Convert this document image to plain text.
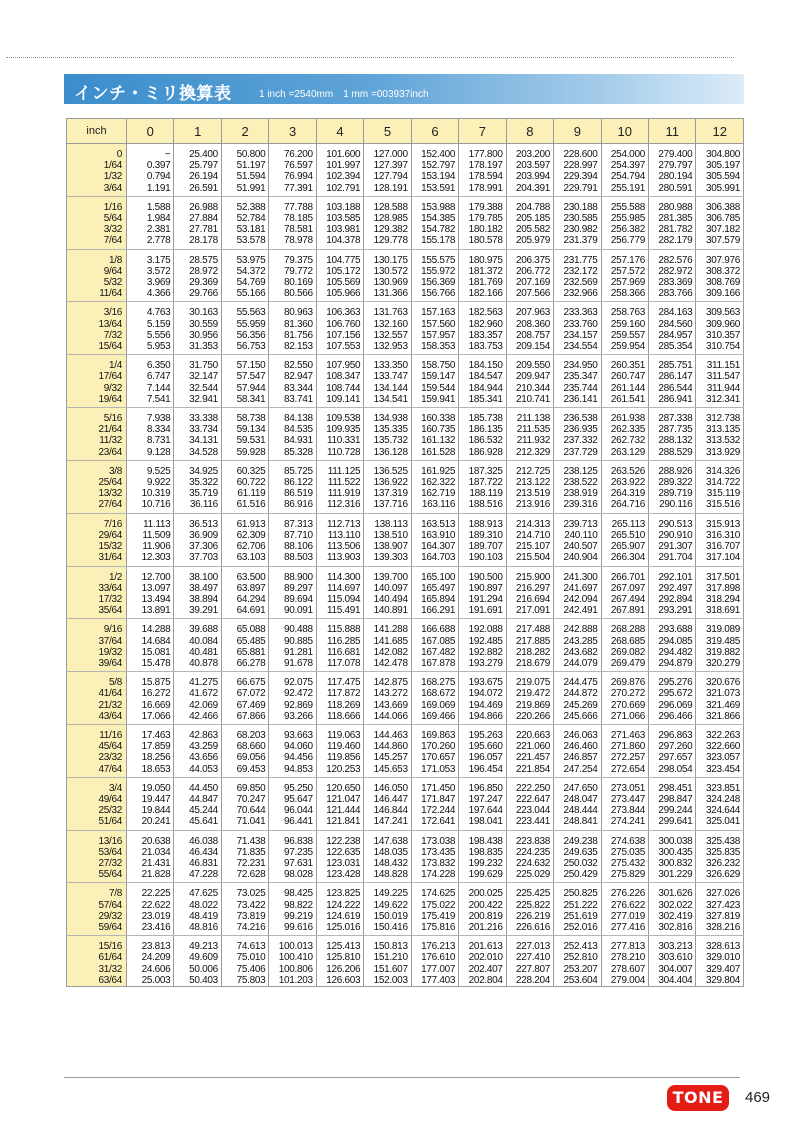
インチ・ミリ換算表	1 inch =2540mm　1 mm =003937inch
inch	0	1	2	3	4	5	6	7	8	9	10	11	12
0	−	25.400	50.800	76.200	101.600	127.000	152.400	177.800	203.200	228.600	254.000	279.400	304.800
1/64	0.397	25.797	51.197	76.597	101.997	127.397	152.797	178.197	203.597	228.997	254.397	279.797	305.197
1/32	0.794	26.194	51.594	76.994	102.394	127.794	153.194	178.594	203.994	229.394	254.794	280.194	305.594
3/64	1.191	26.591	51.991	77.391	102.791	128.191	153.591	178.991	204.391	229.791	255.191	280.591	305.991
1/16	1.588	26.988	52.388	77.788	103.188	128.588	153.988	179.388	204.788	230.188	255.588	280.988	306.388
5/64	1.984	27.884	52.784	78.185	103.585	128.985	154.385	179.785	205.185	230.585	255.985	281.385	306.785
3/32	2.381	27.781	53.181	78.581	103.981	129.382	154.782	180.182	205.582	230.982	256.382	281.782	307.182
7/64	2.778	28.178	53.578	78.978	104.378	129.778	155.178	180.578	205.979	231.379	256.779	282.179	307.579
1/8	3.175	28.575	53.975	79.375	104.775	130.175	155.575	180.975	206.375	231.775	257.176	282.576	307.976
9/64	3.572	28.972	54.372	79.772	105.172	130.572	155.972	181.372	206.772	232.172	257.572	282.972	308.372
5/32	3.969	29.369	54.769	80.169	105.569	130.969	156.369	181.769	207.169	232.569	257.969	283.369	308.769
11/64	4.366	29.766	55.166	80.566	105.966	131.366	156.766	182.166	207.566	232.966	258.366	283.766	309.166
3/16	4.763	30.163	55.563	80.963	106.363	131.763	157.163	182.563	207.963	233.363	258.763	284.163	309.563
13/64	5.159	30.559	55.959	81.360	106.760	132.160	157.560	182.960	208.360	233.760	259.160	284.560	309.960
7/32	5.556	30.956	56.356	81.756	107.156	132.557	157.957	183.357	208.757	234.157	259.557	284.957	310.357
15/64	5.953	31.353	56.753	82.153	107.553	132.953	158.353	183.753	209.154	234.554	259.954	285.354	310.754
1/4	6.350	31.750	57.150	82.550	107.950	133.350	158.750	184.150	209.550	234.950	260.351	285.751	311.151
17/64	6.747	32.147	57.547	82.947	108.347	133.747	159.147	184.547	209.947	235.347	260.747	286.147	311.547
9/32	7.144	32.544	57.944	83.344	108.744	134.144	159.544	184.944	210.344	235.744	261.144	286.544	311.944
19/64	7.541	32.941	58.341	83.741	109.141	134.541	159.941	185.341	210.741	236.141	261.541	286.941	312.341
5/16	7.938	33.338	58.738	84.138	109.538	134.938	160.338	185.738	211.138	236.538	261.938	287.338	312.738
21/64	8.334	33.734	59.134	84.535	109.935	135.335	160.735	186.135	211.535	236.935	262.335	287.735	313.135
11/32	8.731	34.131	59.531	84.931	110.331	135.732	161.132	186.532	211.932	237.332	262.732	288.132	313.532
23/64	9.128	34.528	59.928	85.328	110.728	136.128	161.528	186.928	212.329	237.729	263.129	288.529	313.929
3/8	9.525	34.925	60.325	85.725	111.125	136.525	161.925	187.325	212.725	238.125	263.526	288.926	314.326
25/64	9.922	35.322	60.722	86.122	111.522	136.922	162.322	187.722	213.122	238.522	263.922	289.322	314.722
13/32	10.319	35.719	61.119	86.519	111.919	137.319	162.719	188.119	213.519	238.919	264.319	289.719	315.119
27/64	10.716	36.116	61.516	86.916	112.316	137.716	163.116	188.516	213.916	239.316	264.716	290.116	315.516
7/16	11.113	36.513	61.913	87.313	112.713	138.113	163.513	188.913	214.313	239.713	265.113	290.513	315.913
29/64	11.509	36.909	62.309	87.710	113.110	138.510	163.910	189.310	214.710	240.110	265.510	290.910	316.310
15/32	11.906	37.306	62.706	88.106	113.506	138.907	164.307	189.707	215.107	240.507	265.907	291.307	316.707
31/64	12.303	37.703	63.103	88.503	113.903	139.303	164.703	190.103	215.504	240.904	266.304	291.704	317.104
1/2	12.700	38.100	63.500	88.900	114.300	139.700	165.100	190.500	215.900	241.300	266.701	292.101	317.501
33/64	13.097	38.497	63.897	89.297	114.697	140.097	165.497	190.897	216.297	241.697	267.097	292.497	317.898
17/32	13.494	38.894	64.294	89.694	115.094	140.494	165.894	191.294	216.694	242.094	267.494	292.894	318.294
35/64	13.891	39.291	64.691	90.091	115.491	140.891	166.291	191.691	217.091	242.491	267.891	293.291	318.691
9/16	14.288	39.688	65.088	90.488	115.888	141.288	166.688	192.088	217.488	242.888	268.288	293.688	319.089
37/64	14.684	40.084	65.485	90.885	116.285	141.685	167.085	192.485	217.885	243.285	268.685	294.085	319.485
19/32	15.081	40.481	65.881	91.281	116.681	142.082	167.482	192.882	218.282	243.682	269.082	294.482	319.882
39/64	15.478	40.878	66.278	91.678	117.078	142.478	167.878	193.279	218.679	244.079	269.479	294.879	320.279
5/8	15.875	41.275	66.675	92.075	117.475	142.875	168.275	193.675	219.075	244.475	269.876	295.276	320.676
41/64	16.272	41.672	67.072	92.472	117.872	143.272	168.672	194.072	219.472	244.872	270.272	295.672	321.073
21/32	16.669	42.069	67.469	92.869	118.269	143.669	169.069	194.469	219.869	245.269	270.669	296.069	321.469
43/64	17.066	42.466	67.866	93.266	118.666	144.066	169.466	194.866	220.266	245.666	271.066	296.466	321.866
11/16	17.463	42.863	68.203	93.663	119.063	144.463	169.863	195.263	220.663	246.063	271.463	296.863	322.263
45/64	17.859	43.259	68.660	94.060	119.460	144.860	170.260	195.660	221.060	246.460	271.860	297.260	322.660
23/32	18.256	43.656	69.056	94.456	119.856	145.257	170.657	196.057	221.457	246.857	272.257	297.657	323.057
47/64	18.653	44.053	69.453	94.853	120.253	145.653	171.053	196.454	221.854	247.254	272.654	298.054	323.454
3/4	19.050	44.450	69.850	95.250	120.650	146.050	171.450	196.850	222.250	247.650	273.051	298.451	323.851
49/64	19.447	44.847	70.247	95.647	121.047	146.447	171.847	197.247	222.647	248.047	273.447	298.847	324.248
25/32	19.844	45.244	70.644	96.044	121.444	146.844	172.244	197.644	223.044	248.444	273.844	299.244	324.644
51/64	20.241	45.641	71.041	96.441	121.841	147.241	172.641	198.041	223.441	248.841	274.241	299.641	325.041
13/16	20.638	46.038	71.438	96.838	122.238	147.638	173.038	198.438	223.838	249.238	274.638	300.038	325.438
53/64	21.034	46.434	71.835	97.235	122.635	148.035	173.435	198.835	224.235	249.635	275.035	300.435	325.835
27/32	21.431	46.831	72.231	97.631	123.031	148.432	173.832	199.232	224.632	250.032	275.432	300.832	326.232
55/64	21.828	47.228	72.628	98.028	123.428	148.828	174.228	199.629	225.029	250.429	275.829	301.229	326.629
7/8	22.225	47.625	73.025	98.425	123.825	149.225	174.625	200.025	225.425	250.825	276.226	301.626	327.026
57/64	22.622	48.022	73.422	98.822	124.222	149.622	175.022	200.422	225.822	251.222	276.622	302.022	327.423
29/32	23.019	48.419	73.819	99.219	124.619	150.019	175.419	200.819	226.219	251.619	277.019	302.419	327.819
59/64	23.416	48.816	74.216	99.616	125.016	150.416	175.816	201.216	226.616	252.016	277.416	302.816	328.216
15/16	23.813	49.213	74.613	100.013	125.413	150.813	176.213	201.613	227.013	252.413	277.813	303.213	328.613
61/64	24.209	49.609	75.010	100.410	125.810	151.210	176.610	202.010	227.410	252.810	278.210	303.610	329.010
31/32	24.606	50.006	75.406	100.806	126.206	151.607	177.007	202.407	227.807	253.207	278.607	304.007	329.407
63/64	25.003	50.403	75.803	101.203	126.603	152.003	177.403	202.804	228.204	253.604	279.004	304.404	329.804
TONE	469
